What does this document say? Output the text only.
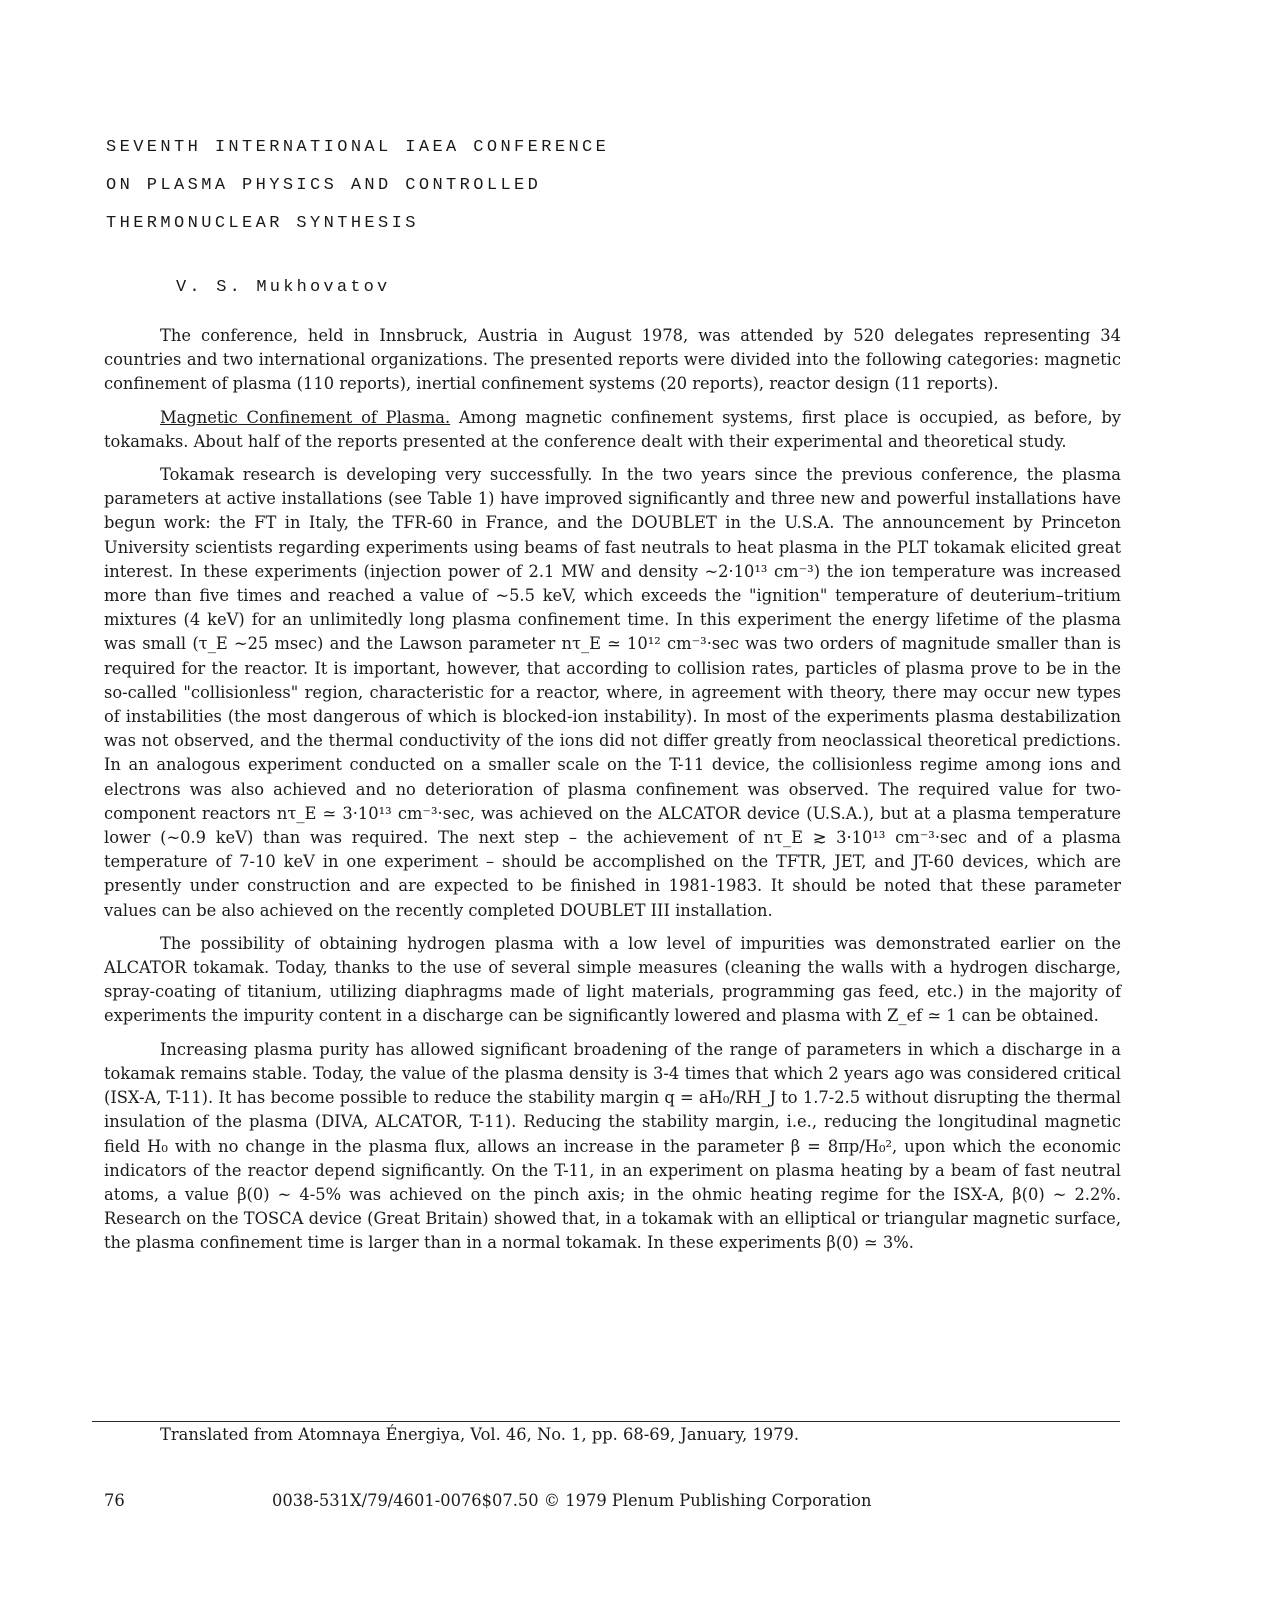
SEVENTH INTERNATIONAL IAEA CONFERENCE
ON PLASMA PHYSICS AND CONTROLLED
THERMONUCLEAR SYNTHESIS
V. S. Mukhovatov

The conference, held in Innsbruck, Austria in August 1978, was attended by 520 delegates representing 34 countries and two international organizations. The presented reports were divided into the following categories: magnetic confinement of plasma (110 reports), inertial confinement systems (20 reports), reactor design (11 reports).

Magnetic Confinement of Plasma. Among magnetic confinement systems, first place is occupied, as before, by tokamaks. About half of the reports presented at the conference dealt with their experimental and theoretical study.

Tokamak research is developing very successfully. In the two years since the previous conference, the plasma parameters at active installations (see Table 1) have improved significantly and three new and powerful installations have begun work: the FT in Italy, the TFR-60 in France, and the DOUBLET in the U.S.A. The announcement by Princeton University scientists regarding experiments using beams of fast neutrals to heat plasma in the PLT tokamak elicited great interest. In these experiments (injection power of 2.1 MW and density ~2·10¹³ cm⁻³) the ion temperature was increased more than five times and reached a value of ~5.5 keV, which exceeds the "ignition" temperature of deuterium–tritium mixtures (4 keV) for an unlimitedly long plasma confinement time. In this experiment the energy lifetime of the plasma was small (τ_E ~25 msec) and the Lawson parameter nτ_E ≃ 10¹² cm⁻³·sec was two orders of magnitude smaller than is required for the reactor. It is important, however, that according to collision rates, particles of plasma prove to be in the so-called "collisionless" region, characteristic for a reactor, where, in agreement with theory, there may occur new types of instabilities (the most dangerous of which is blocked-ion instability). In most of the experiments plasma destabilization was not observed, and the thermal conductivity of the ions did not differ greatly from neoclassical theoretical predictions. In an analogous experiment conducted on a smaller scale on the T-11 device, the collisionless regime among ions and electrons was also achieved and no deterioration of plasma confinement was observed. The required value for two-component reactors nτ_E ≃ 3·10¹³ cm⁻³·sec, was achieved on the ALCATOR device (U.S.A.), but at a plasma temperature lower (~0.9 keV) than was required. The next step – the achievement of nτ_E ≳ 3·10¹³ cm⁻³·sec and of a plasma temperature of 7-10 keV in one experiment – should be accomplished on the TFTR, JET, and JT-60 devices, which are presently under construction and are expected to be finished in 1981-1983. It should be noted that these parameter values can be also achieved on the recently completed DOUBLET III installation.

The possibility of obtaining hydrogen plasma with a low level of impurities was demonstrated earlier on the ALCATOR tokamak. Today, thanks to the use of several simple measures (cleaning the walls with a hydrogen discharge, spray-coating of titanium, utilizing diaphragms made of light materials, programming gas feed, etc.) in the majority of experiments the impurity content in a discharge can be significantly lowered and plasma with Z_ef ≃ 1 can be obtained.

Increasing plasma purity has allowed significant broadening of the range of parameters in which a discharge in a tokamak remains stable. Today, the value of the plasma density is 3-4 times that which 2 years ago was considered critical (ISX-A, T-11). It has become possible to reduce the stability margin q = aH₀/RH_J to 1.7-2.5 without disrupting the thermal insulation of the plasma (DIVA, ALCATOR, T-11). Reducing the stability margin, i.e., reducing the longitudinal magnetic field H₀ with no change in the plasma flux, allows an increase in the parameter β = 8πp/H₀², upon which the economic indicators of the reactor depend significantly. On the T-11, in an experiment on plasma heating by a beam of fast neutral atoms, a value β(0) ~ 4-5% was achieved on the pinch axis; in the ohmic heating regime for the ISX-A, β(0) ~ 2.2%. Research on the TOSCA device (Great Britain) showed that, in a tokamak with an elliptical or triangular magnetic surface, the plasma confinement time is larger than in a normal tokamak. In these experiments β(0) ≃ 3%.

Translated from Atomnaya Énergiya, Vol. 46, No. 1, pp. 68-69, January, 1979.
76	0038-531X/79/4601-0076$07.50 © 1979 Plenum Publishing Corporation
